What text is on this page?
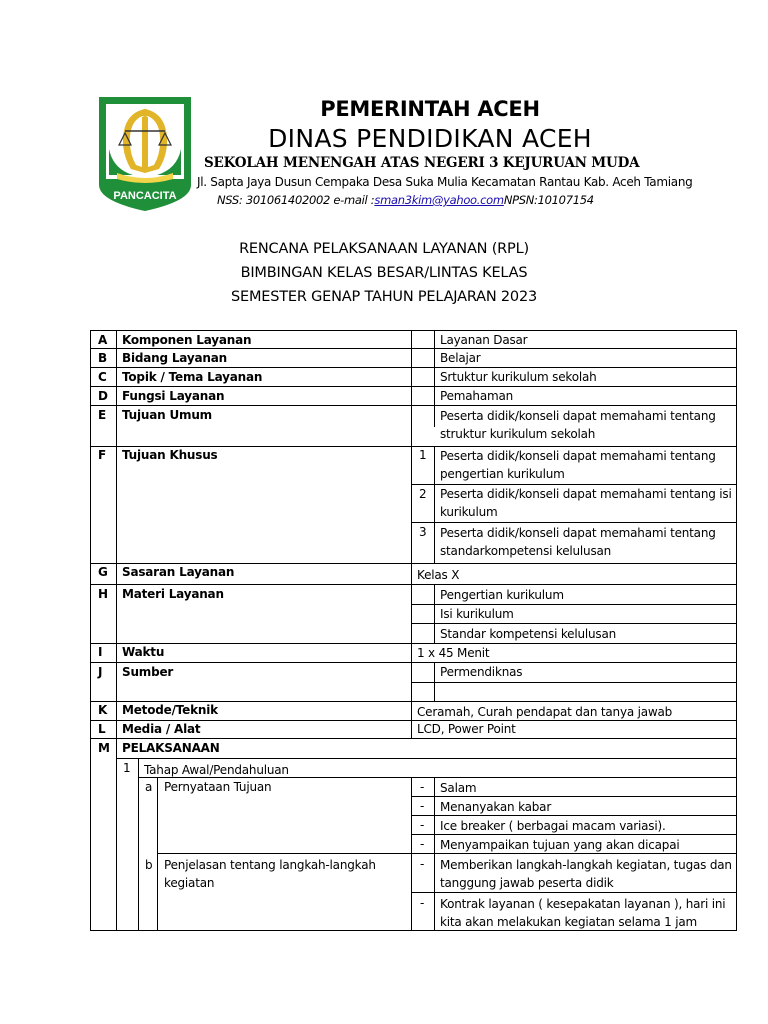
PANCACITA
PEMERINTAH ACEH
DINAS PENDIDIKAN ACEH
SEKOLAH MENENGAH ATAS NEGERI 3 KEJURUAN MUDA
Jl. Sapta Jaya Dusun Cempaka Desa Suka Mulia Kecamatan Rantau Kab. Aceh Tamiang
NSS: 301061402002 e-mail :sman3kim@yahoo.comNPSN:10107154
RENCANA PELAKSANAAN LAYANAN (RPL)
BIMBINGAN KELAS BESAR/LINTAS KELAS
SEMESTER GENAP TAHUN PELAJARAN 2023
A Komponen Layanan	Layanan Dasar
B Bidang Layanan	Belajar
C Topik / Tema Layanan	Srtuktur kurikulum sekolah
D Fungsi Layanan	Pemahaman
E Tujuan Umum	Peserta didik/konseli dapat memahami tentang
struktur kurikulum sekolah
F Tujuan Khusus	1 Peserta didik/konseli dapat memahami tentang
pengertian kurikulum
2 Peserta didik/konseli dapat memahami tentang isi
kurikulum
3 Peserta didik/konseli dapat memahami tentang
standarkompetensi kelulusan
G Sasaran Layanan	Kelas X
H Materi Layanan	Pengertian kurikulum
Isi kurikulum
Standar kompetensi kelulusan
I Waktu	1 x 45 Menit
J Sumber	Permendiknas
K Metode/Teknik	Ceramah, Curah pendapat dan tanya jawab
L Media / Alat	LCD, Power Point
M PELAKSANAAN
1 Tahap Awal/Pendahuluan
a Pernyataan Tujuan	- Salam
- Menanyakan kabar
- Ice breaker ( berbagai macam variasi).
- Menyampaikan tujuan yang akan dicapai
b Penjelasan tentang langkah-langkah
kegiatan
- Memberikan langkah-langkah kegiatan, tugas dan
tanggung jawab peserta didik
- Kontrak layanan ( kesepakatan layanan ), hari ini
kita akan melakukan kegiatan selama 1 jam
